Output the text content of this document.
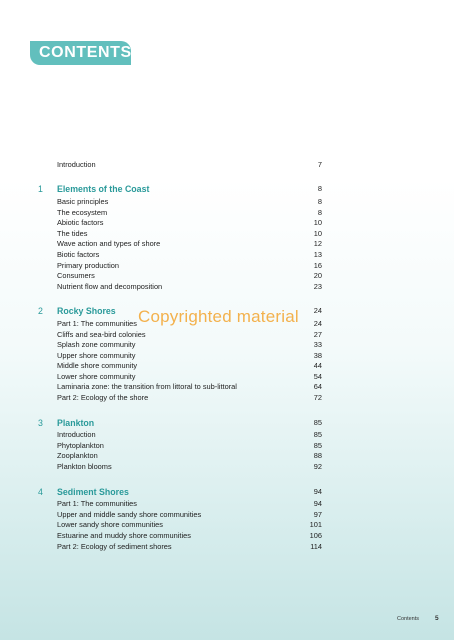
CONTENTS
Introduction	7
1 Elements of the Coast	8
Basic principles	8
The ecosystem	8
Abiotic factors	10
The tides	10
Wave action and types of shore	12
Biotic factors	13
Primary production	16
Consumers	20
Nutrient flow and decomposition	23
2 Rocky Shores	24
Part 1: The communities	24
Cliffs and sea-bird colonies	27
Splash zone community	33
Upper shore community	38
Middle shore community	44
Lower shore community	54
Laminaria zone: the transition from littoral to sub-littoral	64
Part 2: Ecology of the shore	72
3 Plankton	85
Introduction	85
Phytoplankton	85
Zooplankton	88
Plankton blooms	92
4 Sediment Shores	94
Part 1: The communities	94
Upper and middle sandy shore communities	97
Lower sandy shore communities	101
Estuarine and muddy shore communities	106
Part 2: Ecology of sediment shores	114
Copyrighted material
Contents 5
